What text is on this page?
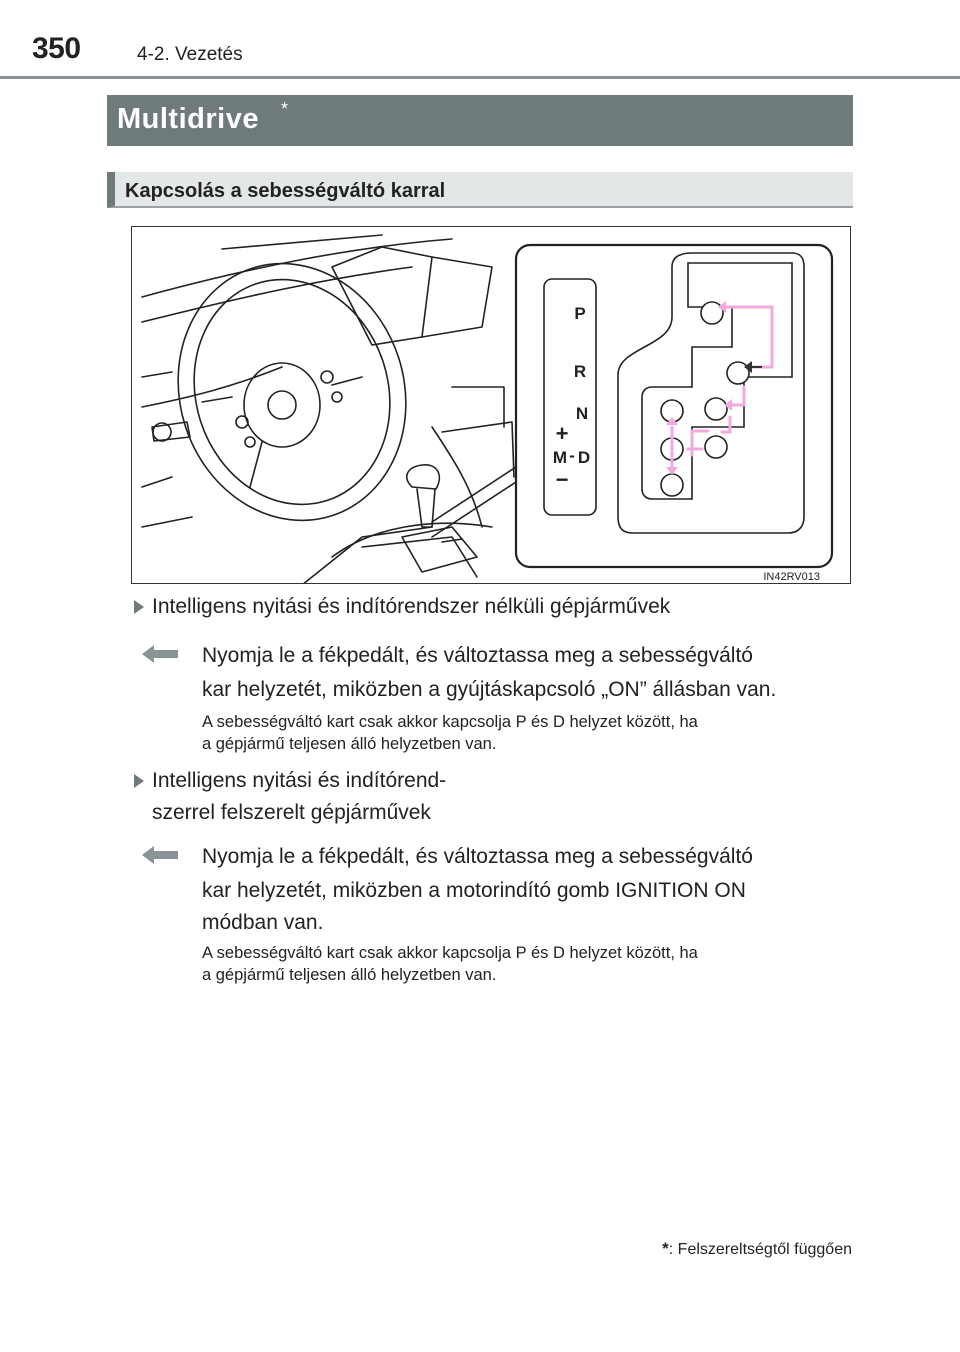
350	4-2. Vezetés
Multidrive *
Kapcsolás a sebességváltó karral
P
R
N
D
M -
+
−
IN42RV013
Intelligens nyitási és indítórendszer nélküli gépjárművek
Nyomja le a fékpedált, és változtassa meg a sebességváltó
kar helyzetét, miközben a gyújtáskapcsoló „ON” állásban van.
A sebességváltó kart csak akkor kapcsolja P és D helyzet között, ha
a gépjármű teljesen álló helyzetben van.
Intelligens nyitási és indítórend-
szerrel felszerelt gépjárművek
Nyomja le a fékpedált, és változtassa meg a sebességváltó
kar helyzetét, miközben a motorindító gomb IGNITION ON
módban van.
A sebességváltó kart csak akkor kapcsolja P és D helyzet között, ha
a gépjármű teljesen álló helyzetben van.
*: Felszereltségtől függően
